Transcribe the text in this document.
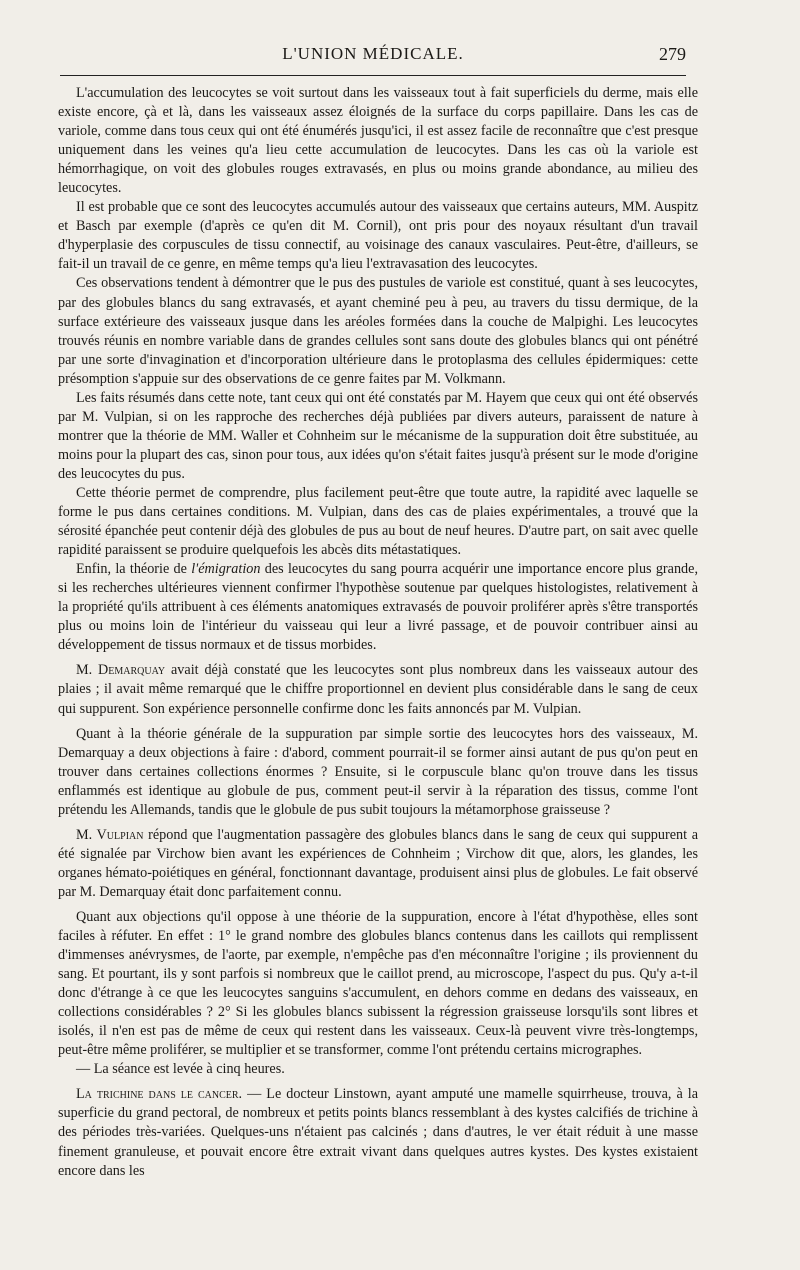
L'UNION MÉDICALE.	279

L'accumulation des leucocytes se voit surtout dans les vaisseaux tout à fait superficiels du derme, mais elle existe encore, çà et là, dans les vaisseaux assez éloignés de la surface du corps papillaire. Dans les cas de variole, comme dans tous ceux qui ont été énumérés jusqu'ici, il est assez facile de reconnaître que c'est presque uniquement dans les veines qu'a lieu cette accumulation de leucocytes. Dans les cas où la variole est hémorrhagique, on voit des globules rouges extravasés, en plus ou moins grande abondance, au milieu des leucocytes.

Il est probable que ce sont des leucocytes accumulés autour des vaisseaux que certains auteurs, MM. Auspitz et Basch par exemple (d'après ce qu'en dit M. Cornil), ont pris pour des noyaux résultant d'un travail d'hyperplasie des corpuscules de tissu connectif, au voisinage des canaux vasculaires. Peut-être, d'ailleurs, se fait-il un travail de ce genre, en même temps qu'a lieu l'extravasation des leucocytes.

Ces observations tendent à démontrer que le pus des pustules de variole est constitué, quant à ses leucocytes, par des globules blancs du sang extravasés, et ayant cheminé peu à peu, au travers du tissu dermique, de la surface extérieure des vaisseaux jusque dans les aréoles formées dans la couche de Malpighi. Les leucocytes trouvés réunis en nombre variable dans de grandes cellules sont sans doute des globules blancs qui ont pénétré par une sorte d'invagination et d'incorporation ultérieure dans le protoplasma des cellules épidermiques: cette présomption s'appuie sur des observations de ce genre faites par M. Volkmann.

Les faits résumés dans cette note, tant ceux qui ont été constatés par M. Hayem que ceux qui ont été observés par M. Vulpian, si on les rapproche des recherches déjà publiées par divers auteurs, paraissent de nature à montrer que la théorie de MM. Waller et Cohnheim sur le mécanisme de la suppuration doit être substituée, au moins pour la plupart des cas, sinon pour tous, aux idées qu'on s'était faites jusqu'à présent sur le mode d'origine des leucocytes du pus.

Cette théorie permet de comprendre, plus facilement peut-être que toute autre, la rapidité avec laquelle se forme le pus dans certaines conditions. M. Vulpian, dans des cas de plaies expérimentales, a trouvé que la sérosité épanchée peut contenir déjà des globules de pus au bout de neuf heures. D'autre part, on sait avec quelle rapidité paraissent se produire quelquefois les abcès dits métastatiques.

Enfin, la théorie de l'émigration des leucocytes du sang pourra acquérir une importance encore plus grande, si les recherches ultérieures viennent confirmer l'hypothèse soutenue par quelques histologistes, relativement à la propriété qu'ils attribuent à ces éléments anatomiques extravasés de pouvoir proliférer après s'être transportés plus ou moins loin de l'intérieur du vaisseau qui leur a livré passage, et de pouvoir contribuer ainsi au développement de tissus normaux et de tissus morbides.

M. Demarquay avait déjà constaté que les leucocytes sont plus nombreux dans les vaisseaux autour des plaies ; il avait même remarqué que le chiffre proportionnel en devient plus considérable dans le sang de ceux qui suppurent. Son expérience personnelle confirme donc les faits annoncés par M. Vulpian.

Quant à la théorie générale de la suppuration par simple sortie des leucocytes hors des vaisseaux, M. Demarquay a deux objections à faire : d'abord, comment pourrait-il se former ainsi autant de pus qu'on peut en trouver dans certaines collections énormes ? Ensuite, si le corpuscule blanc qu'on trouve dans les tissus enflammés est identique au globule de pus, comment peut-il servir à la réparation des tissus, comme l'ont prétendu les Allemands, tandis que le globule de pus subit toujours la métamorphose graisseuse ?

M. Vulpian répond que l'augmentation passagère des globules blancs dans le sang de ceux qui suppurent a été signalée par Virchow bien avant les expériences de Cohnheim ; Virchow dit que, alors, les glandes, les organes hémato-poiétiques en général, fonctionnant davantage, produisent ainsi plus de globules. Le fait observé par M. Demarquay était donc parfaitement connu.

Quant aux objections qu'il oppose à une théorie de la suppuration, encore à l'état d'hypothèse, elles sont faciles à réfuter. En effet : 1° le grand nombre des globules blancs contenus dans les caillots qui remplissent d'immenses anévrysmes, de l'aorte, par exemple, n'empêche pas d'en méconnaître l'origine ; ils proviennent du sang. Et pourtant, ils y sont parfois si nombreux que le caillot prend, au microscope, l'aspect du pus. Qu'y a-t-il donc d'étrange à ce que les leucocytes sanguins s'accumulent, en dehors comme en dedans des vaisseaux, en collections considérables ? 2° Si les globules blancs subissent la régression graisseuse lorsqu'ils sont libres et isolés, il n'en est pas de même de ceux qui restent dans les vaisseaux. Ceux-là peuvent vivre très-longtemps, peut-être même proliférer, se multiplier et se transformer, comme l'ont prétendu certains micrographes.

— La séance est levée à cinq heures.

La trichine dans le cancer. — Le docteur Linstown, ayant amputé une mamelle squirrheuse, trouva, à la superficie du grand pectoral, de nombreux et petits points blancs ressemblant à des kystes calcifiés de trichine à des périodes très-variées. Quelques-uns n'étaient pas calcinés ; dans d'autres, le ver était réduit à une masse finement granuleuse, et pouvait encore être extrait vivant dans quelques autres kystes. Des kystes existaient encore dans les
